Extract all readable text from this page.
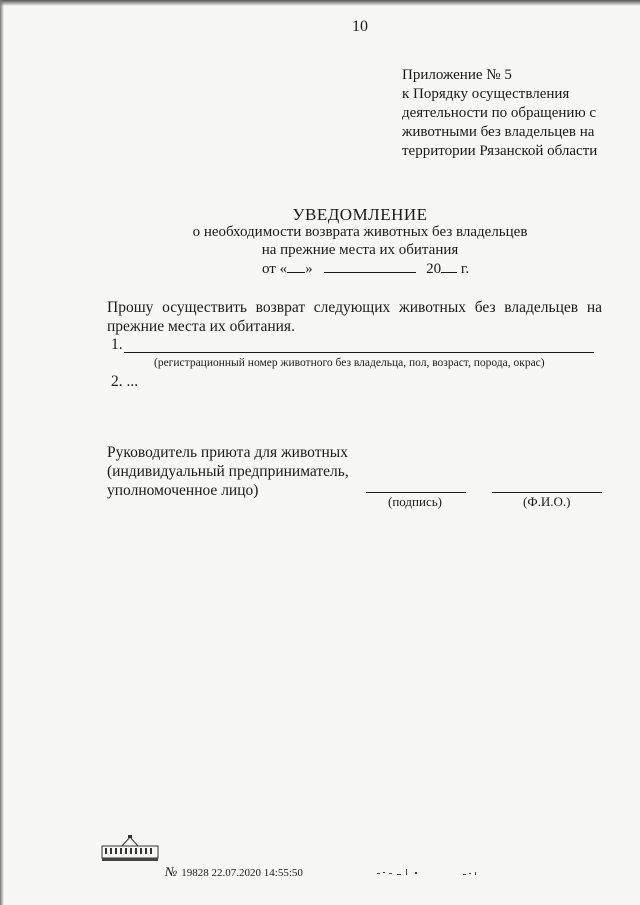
10
Приложение № 5
к Порядку осуществления
деятельности по обращению с
животными без владельцев на
территории Рязанской области
УВЕДОМЛЕНИЕ
о необходимости возврата животных без владельцев
на прежние места их обитания
от « »	20 г.
Прошу осуществить возврат следующих животных без владельцев на прежние места их обитания.
1.
(регистрационный номер животного без владельца, пол, возраст, порода, окрас)
2. ...
Руководитель приюта для животных
(индивидуальный предприниматель,
уполномоченное лицо)
(подпись)	(Ф.И.О.)
№ 19828 22.07.2020 14:55:50
